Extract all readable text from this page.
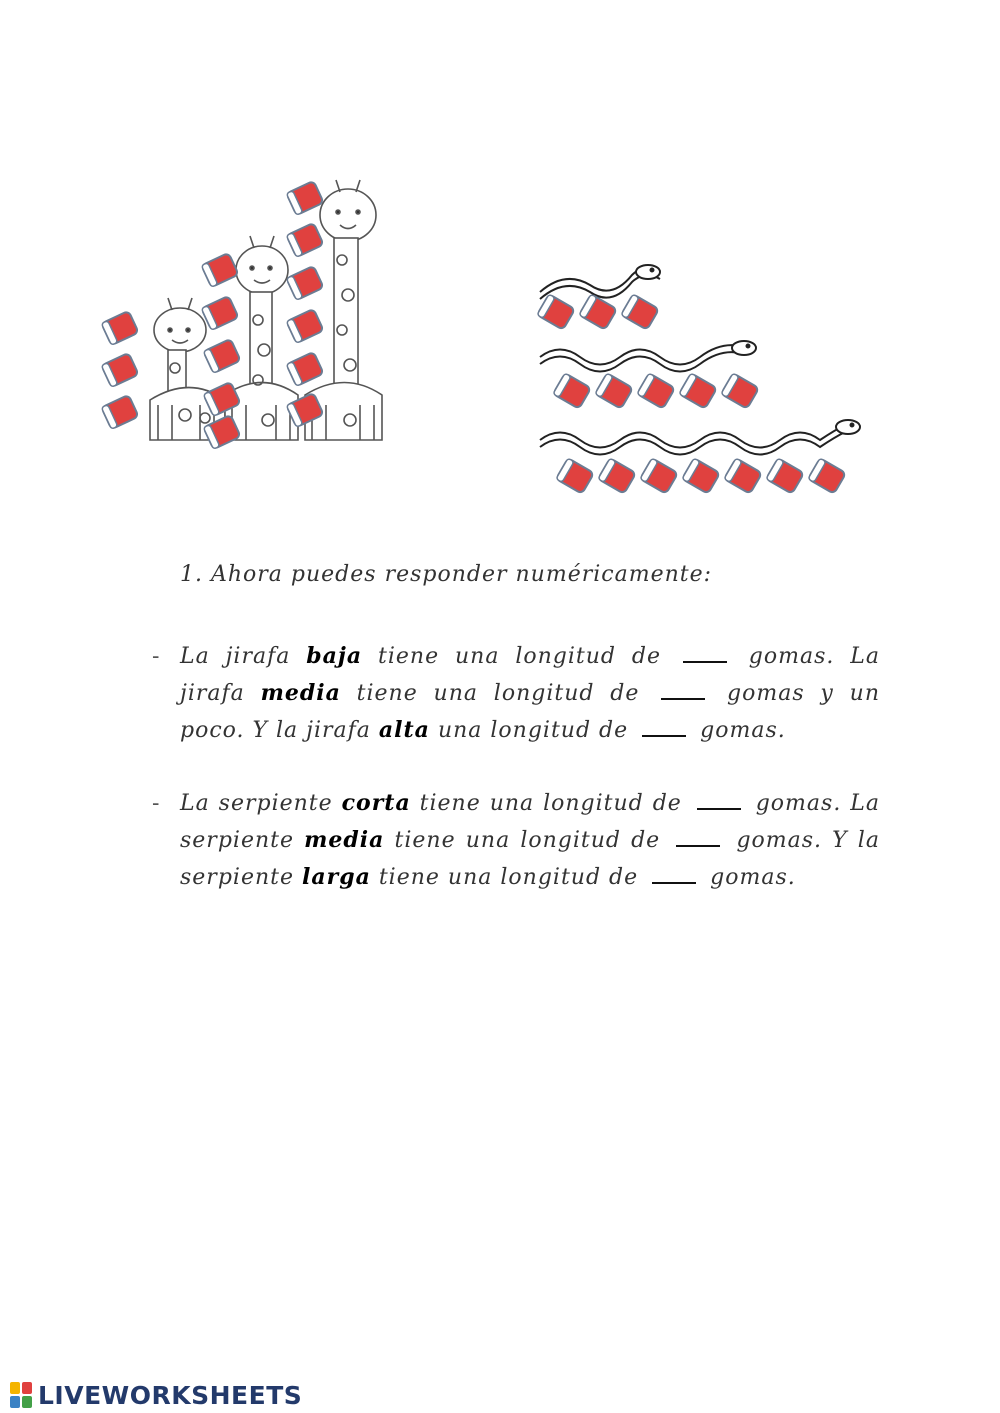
1. Ahora puedes responder numéricamente:
- La jirafa baja tiene una longitud de	gomas. La jirafa media tiene una longitud de	gomas y un poco. Y la jirafa alta una longitud de	gomas.
- La serpiente corta tiene una longitud de	gomas. La serpiente media tiene una longitud de	gomas. Y la serpiente larga tiene una longitud de	gomas.
LIVEWORKSHEETS
